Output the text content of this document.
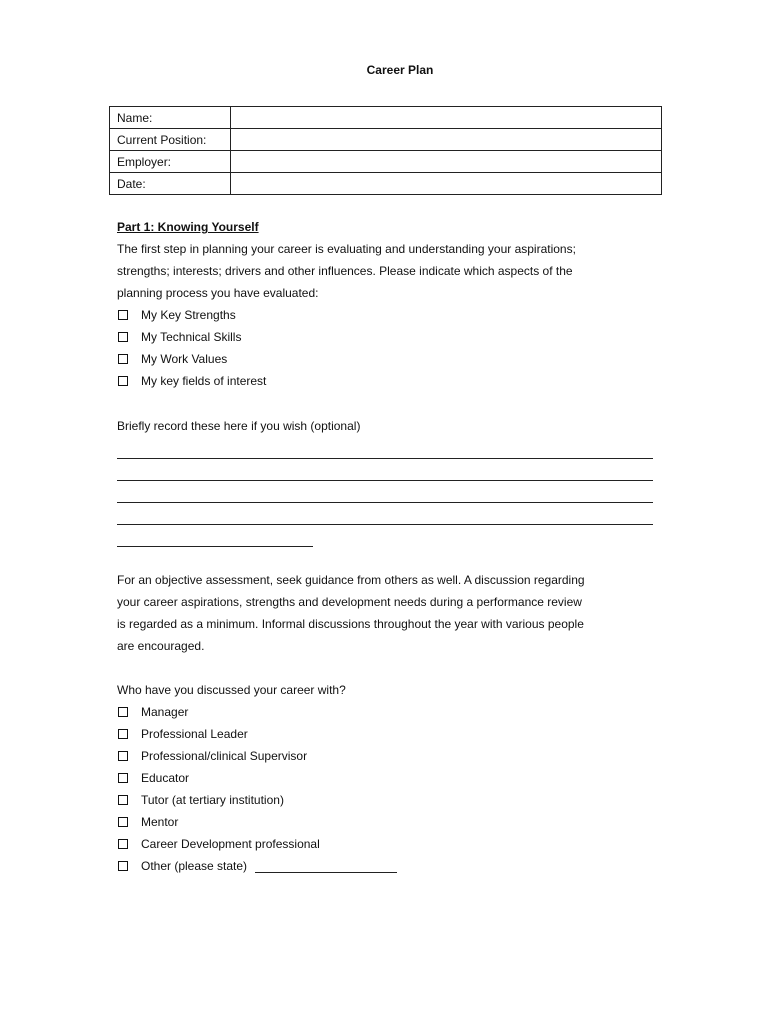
Career Plan
Name:	
Current Position:	
Employer:	
Date:	
Part 1: Knowing Yourself
The first step in planning your career is evaluating and understanding your aspirations;
strengths; interests; drivers and other influences. Please indicate which aspects of the
planning process you have evaluated:
My Key Strengths
My Technical Skills
My Work Values
My key fields of interest
Briefly record these here if you wish (optional)
For an objective assessment, seek guidance from others as well. A discussion regarding
your career aspirations, strengths and development needs during a performance review
is regarded as a minimum. Informal discussions throughout the year with various people
are encouraged.
Who have you discussed your career with?
Manager
Professional Leader
Professional/clinical Supervisor
Educator
Tutor (at tertiary institution)
Mentor
Career Development professional
Other (please state)
